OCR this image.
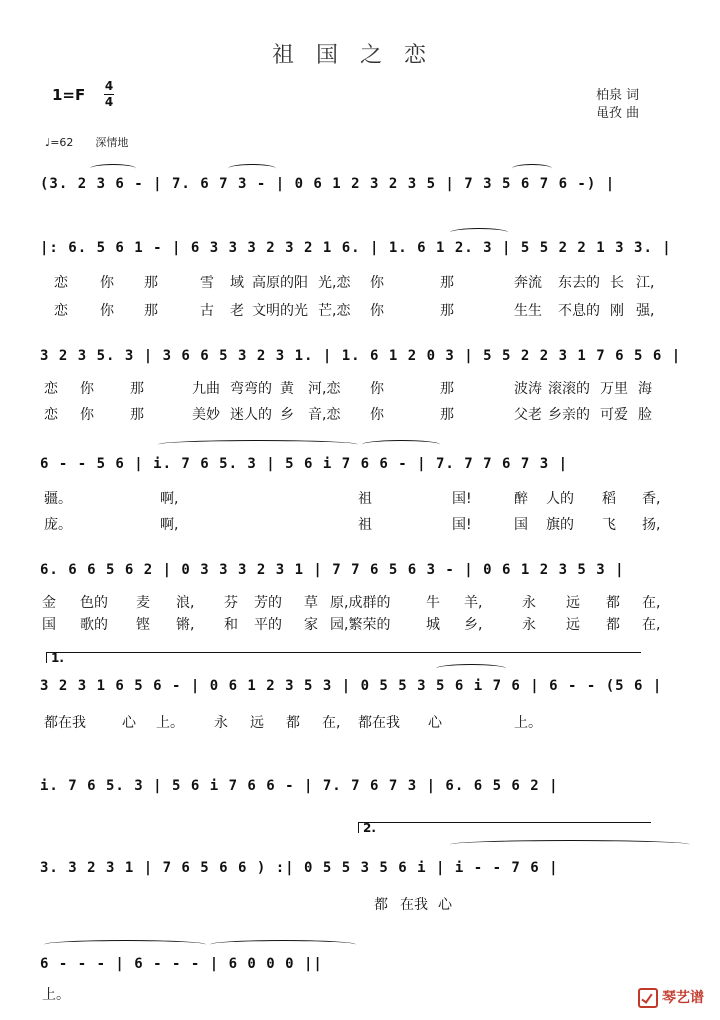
祖国之恋
1=F 4
4	柏泉 词
黾孜 曲
♩=62　　深情地
(3. 2 3 6 - | 7. 6 7 3 - | 0 6 1 2 3 2 3 5 | 7 3 5 6 7 6 -) |
|: 6. 5 6 1 - | 6 3 3 3 2 3 2 1 6. | 1. 6 1 2. 3 | 5 5 2 2 1 3 3. |
恋 你 那	雪 域 高原的 阳 光,恋 你	那	奔流 东去的 长 江,
恋 你 那	古 老 文明的 光 芒,恋 你	那	生生 不息的 刚 强,
3 2 3 5. 3 | 3 6 6 5 3 2 3 1. | 1. 6 1 2 0 3 | 5 5 2 2 3 1 7 6 5 6 |
恋 你	那	九曲 弯弯的 黄 河,恋 你	那	波涛 滚滚的 万里 海
恋 你	那	美妙 迷人的 乡 音,恋 你	那	父老 乡亲的 可爱 脸
6 - - 5 6 | i. 7 6 5. 3 | 5 6 i 7 6 6 - | 7. 7 7 6 7 3 |
疆。	啊,	祖	国!	醉 人的 稻 香,
庞。	啊,	祖	国!	国 旗的 飞 扬,
6. 6 6 5 6 2 | 0 3 3 3 2 3 1 | 7 7 6 5 6 3 - | 0 6 1 2 3 5 3 |
金 色的 麦 浪, 芬 芳的 草 原,成群的	牛 羊,	永 远 都 在,
国 歌的 铿 锵, 和 平的 家 园,繁荣的	城 乡,	永 远 都 在,
1.
3 2 3 1 6 5 6 - | 0 6 1 2 3 5 3 | 0 5 5 3 5 6 i 7 6 | 6 - - (5 6 |
都在我	心 上。 永 远 都 在, 都在我 心	上。
i. 7 6 5. 3 | 5 6 i 7 6 6 - | 7. 7 6 7 3 | 6. 6 5 6 2 |
2.
3. 3 2 3 1 | 7 6 5 6 6 ) :| 0 5 5 3 5 6 i | i - - 7 6 |
都 在我 心
6 - - - | 6 - - - | 6 0 0 0 ||
上。	琴艺谱
